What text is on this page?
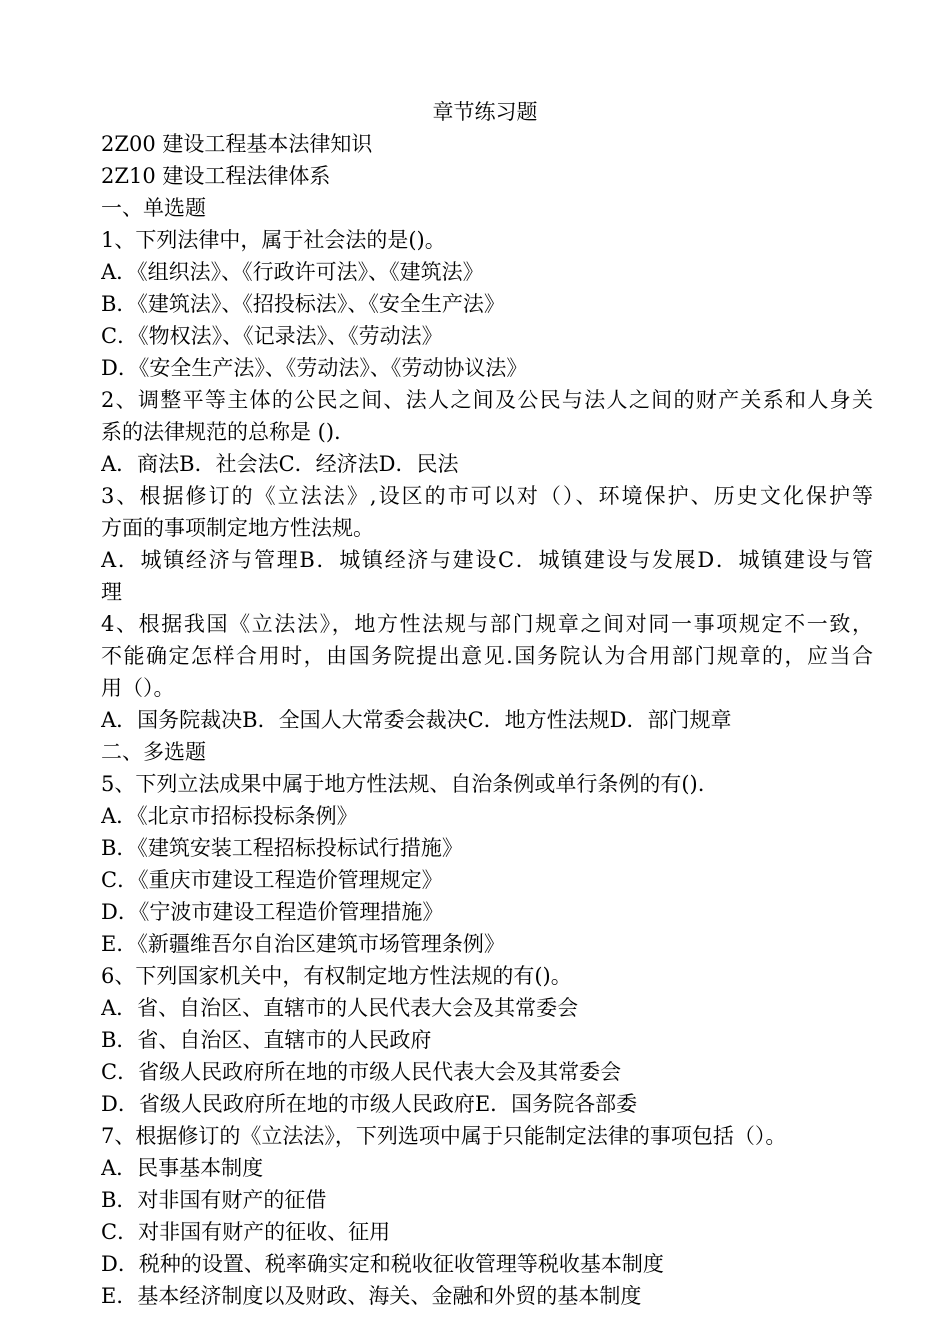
章节练习题
2Z00 建设工程基本法律知识
2Z10 建设工程法律体系
一、单选题
1、下列法律中，属于社会法的是()。
A．《组织法》、《行政许可法》、《建筑法》
B．《建筑法》、《招投标法》、《安全生产法》
C．《物权法》、《记录法》、《劳动法》
D．《安全生产法》、《劳动法》、《劳动协议法》
2、调整平等主体的公民之间、法人之间及公民与法人之间的财产关系和人身关
系的法律规范的总称是 ().
A．商法B．社会法C．经济法D．民法
3、根据修订的《立法法》,设区的市可以对（）、环境保护、历史文化保护等
方面的事项制定地方性法规。
A．城镇经济与管理B．城镇经济与建设C．城镇建设与发展D．城镇建设与管
理
4、根据我国《立法法》，地方性法规与部门规章之间对同一事项规定不一致，
不能确定怎样合用时，由国务院提出意见.国务院认为合用部门规章的，应当合
用（）。
A．国务院裁决B．全国人大常委会裁决C．地方性法规D．部门规章
二、多选题
5、下列立法成果中属于地方性法规、自治条例或单行条例的有().
A．《北京市招标投标条例》
B．《建筑安装工程招标投标试行措施》
C．《重庆市建设工程造价管理规定》
D．《宁波市建设工程造价管理措施》
E．《新疆维吾尔自治区建筑市场管理条例》
6、下列国家机关中，有权制定地方性法规的有()。
A．省、自治区、直辖市的人民代表大会及其常委会
B．省、自治区、直辖市的人民政府
C．省级人民政府所在地的市级人民代表大会及其常委会
D．省级人民政府所在地的市级人民政府E．国务院各部委
7、根据修订的《立法法》，下列选项中属于只能制定法律的事项包括（）。
A．民事基本制度
B．对非国有财产的征借
C．对非国有财产的征收、征用
D．税种的设置、税率确实定和税收征收管理等税收基本制度
E．基本经济制度以及财政、海关、金融和外贸的基本制度
